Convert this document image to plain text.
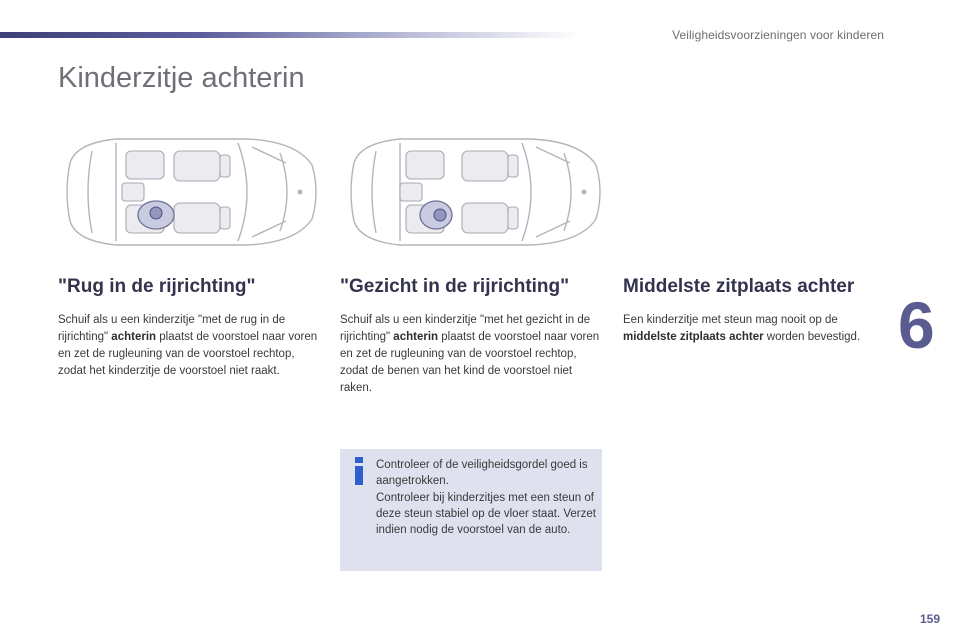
Veiligheidsvoorzieningen voor kinderen
Kinderzitje achterin
"Rug in de rijrichting"

Schuif als u een kinderzitje "met de rug in de rijrichting" achterin plaatst de voorstoel naar voren en zet de rugleuning van de voorstoel rechtop, zodat het kinderzitje de voorstoel niet raakt.

"Gezicht in de rijrichting"

Schuif als u een kinderzitje "met het gezicht in de rijrichting" achterin plaatst de voorstoel naar voren en zet de rugleuning van de voorstoel rechtop, zodat de benen van het kind de voorstoel niet raken.

Middelste zitplaats achter

Een kinderzitje met steun mag nooit op de middelste zitplaats achter worden bevestigd.

Controleer of de veiligheidsgordel goed is aangetrokken.
Controleer bij kinderzitjes met een steun of deze steun stabiel op de vloer staat. Verzet indien nodig de voorstoel van de auto.
6
159
